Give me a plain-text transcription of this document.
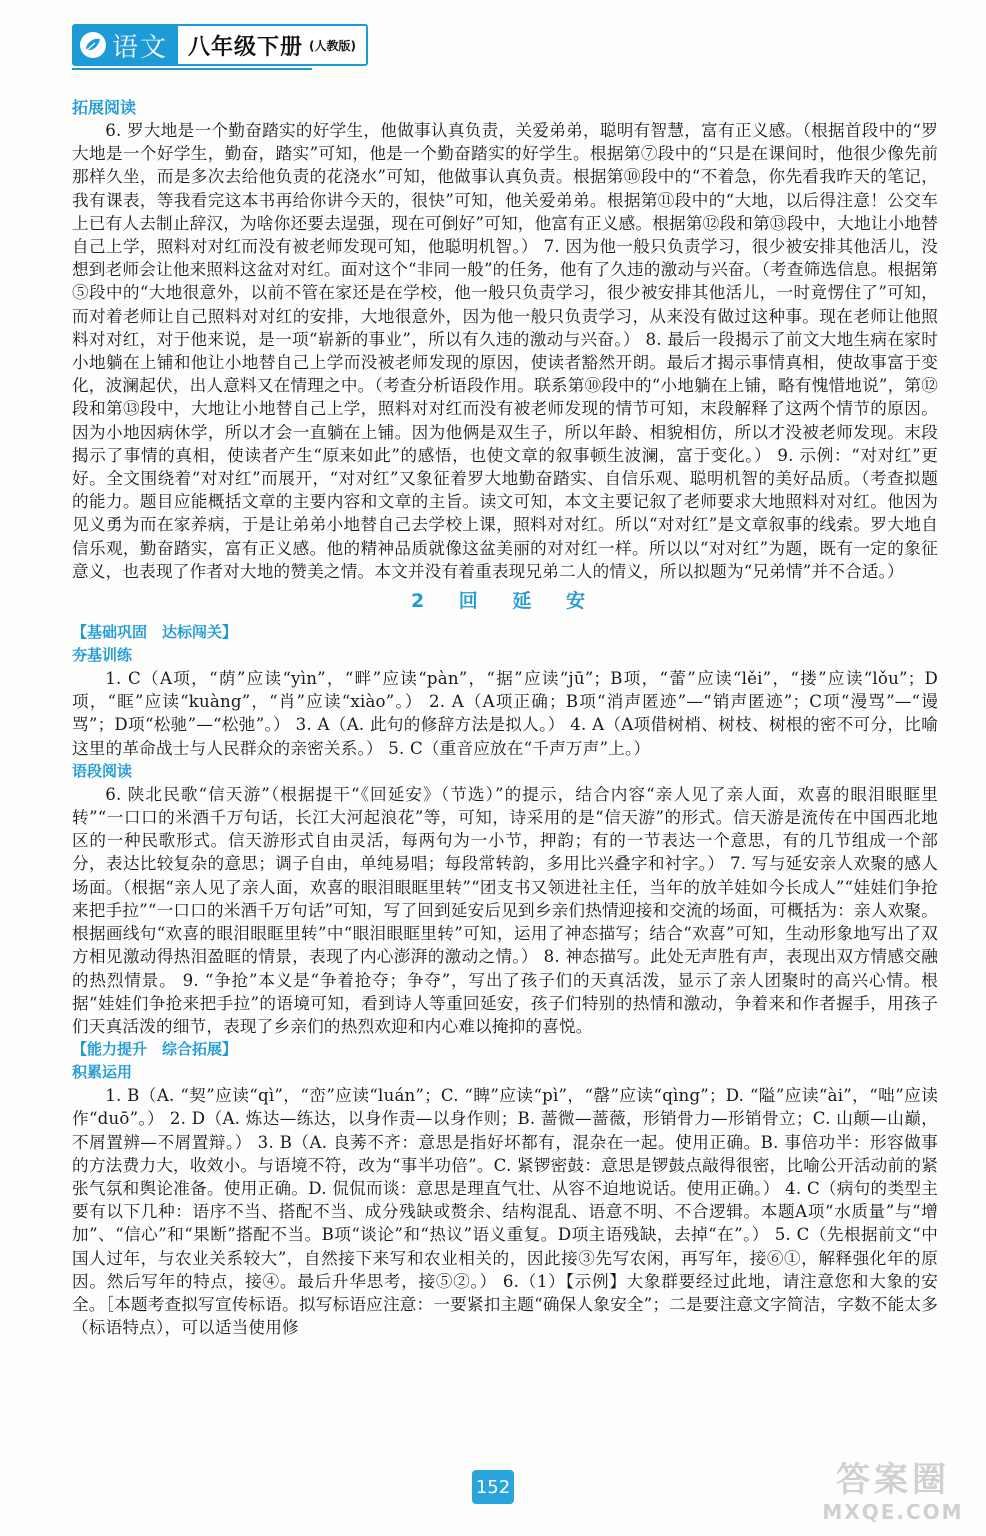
语文 八年级下册 (人教版)
拓展阅读

6. 罗大地是一个勤奋踏实的好学生，他做事认真负责，关爱弟弟，聪明有智慧，富有正义感。（根据首段中的“罗大地是一个好学生，勤奋，踏实”可知，他是一个勤奋踏实的好学生。根据第⑦段中的“只是在课间时，他很少像先前那样久坐，而是多次去给他负责的花浇水”可知，他做事认真负责。根据第⑩段中的“不着急，你先看我昨天的笔记，我有课表，等我看完这本书再给你讲今天的，很快”可知，他关爱弟弟。根据第⑪段中的“大地，以后得注意！公交车上已有人去制止辞汉，为啥你还要去逞强，现在可倒好”可知，他富有正义感。根据第⑫段和第⑬段中，大地让小地替自己上学，照料对对红而没有被老师发现可知，他聪明机智。） 7. 因为他一般只负责学习，很少被安排其他活儿，没想到老师会让他来照料这盆对对红。面对这个“非同一般”的任务，他有了久违的激动与兴奋。（考查筛选信息。根据第⑤段中的“大地很意外，以前不管在家还是在学校，他一般只负责学习，很少被安排其他活儿，一时竟愣住了”可知，而对着老师让自己照料对对红的安排，大地很意外，因为他一般只负责学习，从来没有做过这种事。现在老师让他照料对对红，对于他来说，是一项“崭新的事业”，所以有久违的激动与兴奋。） 8. 最后一段揭示了前文大地生病在家时小地躺在上铺和他让小地替自己上学而没被老师发现的原因，使读者豁然开朗。最后才揭示事情真相，使故事富于变化，波澜起伏，出人意料又在情理之中。（考查分析语段作用。联系第⑩段中的“小地躺在上铺，略有愧惜地说”，第⑫段和第⑬段中，大地让小地替自己上学，照料对对红而没有被老师发现的情节可知，末段解释了这两个情节的原因。因为小地因病休学，所以才会一直躺在上铺。因为他俩是双生子，所以年龄、相貌相仿，所以才没被老师发现。末段揭示了事情的真相，使读者产生“原来如此”的感悟，也使文章的叙事顿生波澜，富于变化。） 9. 示例：“对对红”更好。全文围绕着“对对红”而展开，“对对红”又象征着罗大地勤奋踏实、自信乐观、聪明机智的美好品质。（考查拟题的能力。题目应能概括文章的主要内容和文章的主旨。读文可知，本文主要记叙了老师要求大地照料对对红。他因为见义勇为而在家养病，于是让弟弟小地替自己去学校上课，照料对对红。所以“对对红”是文章叙事的线索。罗大地自信乐观，勤奋踏实，富有正义感。他的精神品质就像这盆美丽的对对红一样。所以以“对对红”为题，既有一定的象征意义，也表现了作者对大地的赞美之情。本文并没有着重表现兄弟二人的情义，所以拟题为“兄弟情”并不合适。）

2 回 延 安
【基础巩固　达标闯关】
夯基训练

1. C（A项，“荫”应读“yìn”，“畔”应读“pàn”，“据”应读“jū”；B项，“蕾”应读“lěi”，“搂”应读“lǒu”；D项，“眶”应读“kuàng”，“肖”应读“xiào”。） 2. A（A项正确；B项“消声匿迹”—“销声匿迹”；C项“漫骂”—“谩骂”；D项“松驰”—“松弛”。） 3. A（A. 此句的修辞方法是拟人。） 4. A（A项借树梢、树枝、树根的密不可分，比喻这里的革命战士与人民群众的亲密关系。） 5. C（重音应放在“千声万声”上。）

语段阅读

6. 陕北民歌“信天游”（根据提干“《回延安》（节选）”的提示，结合内容“亲人见了亲人面，欢喜的眼泪眼眶里转”“一口口的米酒千万句话，长江大河起浪花”等，可知，诗采用的是“信天游”的形式。信天游是流传在中国西北地区的一种民歌形式。信天游形式自由灵活，每两句为一小节，押韵；有的一节表达一个意思，有的几节组成一个部分，表达比较复杂的意思；调子自由，单纯易唱；每段常转韵，多用比兴叠字和衬字。） 7. 写与延安亲人欢聚的感人场面。（根据“亲人见了亲人面，欢喜的眼泪眼眶里转”“团支书又领进社主任，当年的放羊娃如今长成人”“娃娃们争抢来把手拉”“一口口的米酒千万句话”可知，写了回到延安后见到乡亲们热情迎接和交流的场面，可概括为：亲人欢聚。根据画线句“欢喜的眼泪眼眶里转”中“眼泪眼眶里转”可知，运用了神态描写；结合“欢喜”可知，生动形象地写出了双方相见激动得热泪盈眶的情景，表现了内心澎湃的激动之情。） 8. 神态描写。此处无声胜有声，表现出双方情感交融的热烈情景。 9. “争抢”本义是“争着抢夺；争夺”，写出了孩子们的天真活泼，显示了亲人团聚时的高兴心情。根据“娃娃们争抢来把手拉”的语境可知，看到诗人等重回延安，孩子们特别的热情和激动，争着来和作者握手，用孩子们天真活泼的细节，表现了乡亲们的热烈欢迎和内心难以掩抑的喜悦。

【能力提升　综合拓展】
积累运用

1. B（A. “契”应读“qì”，“峦”应读“luán”；C. “睥”应读“pì”，“罄”应读“qìng”；D. “隘”应读“ài”，“咄”应读作“duō”。） 2. D（A. 炼达—练达，以身作责—以身作则；B. 蔷微—蔷薇，形销骨力—形销骨立；C. 山颠—山巅，不屑置辨—不屑置辩。） 3. B（A. 良莠不齐：意思是指好坏都有，混杂在一起。使用正确。B. 事倍功半：形容做事的方法费力大，收效小。与语境不符，改为“事半功倍”。C. 紧锣密鼓：意思是锣鼓点敲得很密，比喻公开活动前的紧张气氛和舆论准备。使用正确。D. 侃侃而谈：意思是理直气壮、从容不迫地说话。使用正确。） 4. C（病句的类型主要有以下几种：语序不当、搭配不当、成分残缺或赘余、结构混乱、语意不明、不合逻辑。本题A项“水质量”与“增加”、“信心”和“果断”搭配不当。B项“谈论”和“热议”语义重复。D项主语残缺，去掉“在”。） 5. C（先根据前文“中国人过年，与农业关系较大”，自然接下来写和农业相关的，因此接③先写农闲，再写年，接⑥①，解释强化年的原因。然后写年的特点，接④。最后升华思考，接⑤②。） 6.（1）【示例】大象群要经过此地，请注意您和大象的安全。［本题考查拟写宣传标语。拟写标语应注意：一要紧扣主题“确保人象安全”；二是要注意文字简洁，字数不能太多（标语特点），可以适当使用修

152	答案圈
MXQE.COM
